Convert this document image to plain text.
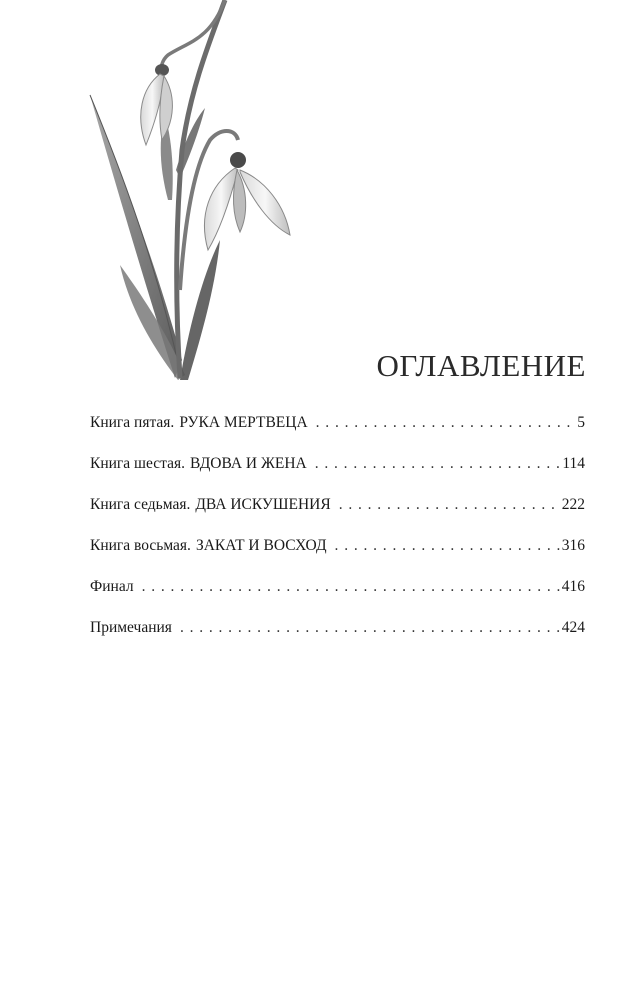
ОГЛАВЛЕНИЕ
Книга пятая. РУКА МЕРТВЕЦА . . .	5
Книга шестая. ВДОВА И ЖЕНА . . .	114
Книга седьмая. ДВА ИСКУШЕНИЯ . . .	222
Книга восьмая. ЗАКАТ И ВОСХОД . . .	316
Финал . . .	416
Примечания . . .	424
